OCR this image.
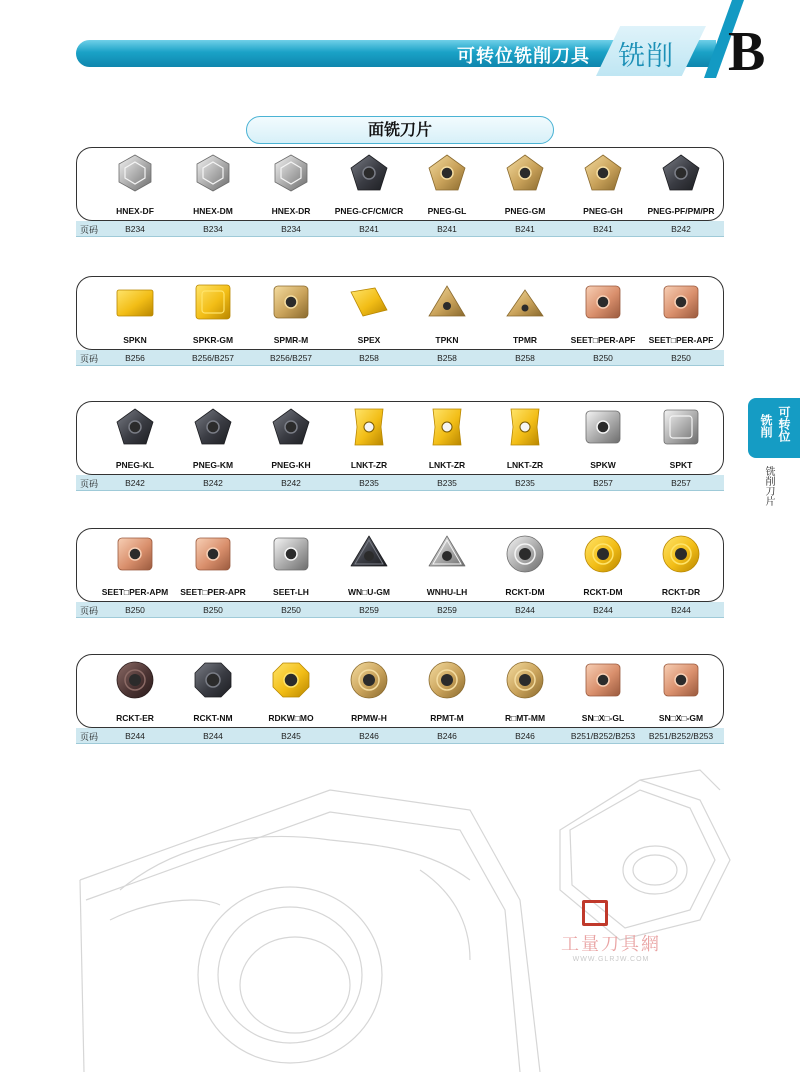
可转位铣削刀具 铣削 B
面铣刀片
页码
HNEX-DF
B234
HNEX-DM
B234
HNEX-DR
B234
PNEG-CF/CM/CR
B241
PNEG-GL
B241
PNEG-GM
B241
PNEG-GH
B241
PNEG-PF/PM/PR
B242
页码
SPKN
B256
SPKR-GM
B256/B257
SPMR-M
B256/B257
SPEX
B258
TPKN
B258
TPMR
B258
SEET□PER-APF
B250
SEET□PER-APF
B250
页码
PNEG-KL
B242
PNEG-KM
B242
PNEG-KH
B242
LNKT-ZR
B235
LNKT-ZR
B235
LNKT-ZR
B235
SPKW
B257
SPKT
B257
页码
SEET□PER-APM
B250
SEET□PER-APR
B250
SEET-LH
B250
WN□U-GM
B259
WNHU-LH
B259
RCKT-DM
B244
RCKT-DM
B244
RCKT-DR
B244
页码
RCKT-ER
B244
RCKT-NM
B244
RDKW□MO
B245
RPMW-H
B246
RPMT-M
B246
R□MT-MM
B246
SN□X□-GL
B251/B252/B253
SN□X□-GM
B251/B252/B253
可转位
铣削
铣削刀片
工量刀具網
WWW.GLRJW.COM
